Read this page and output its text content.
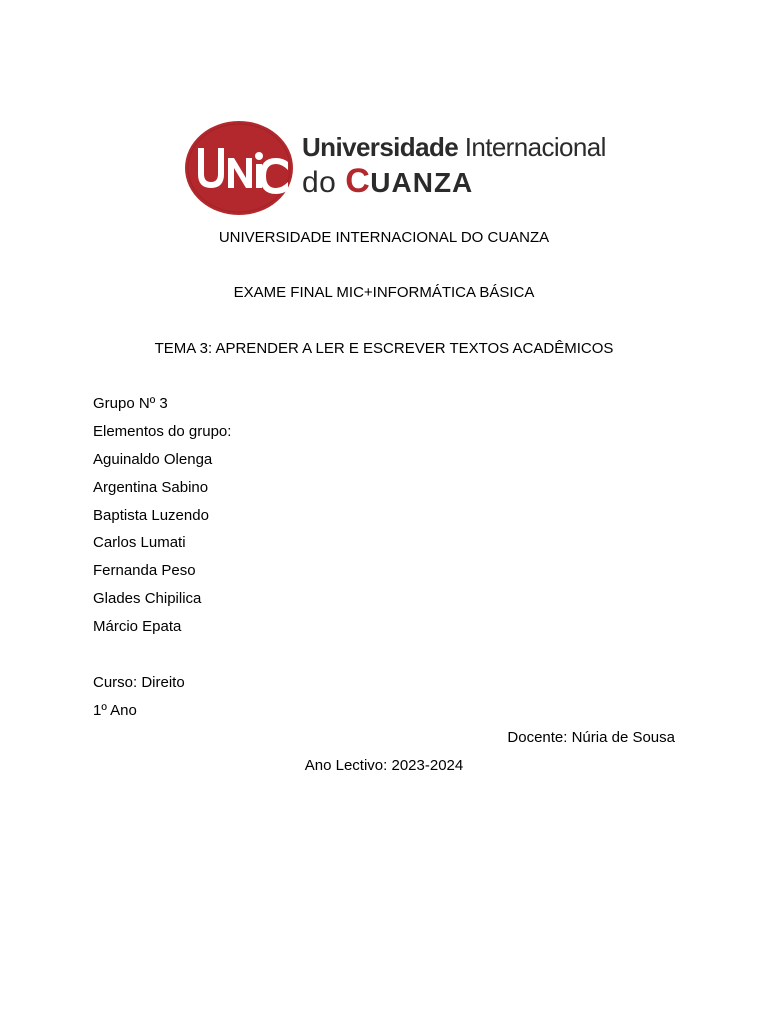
Universidade Internacional
do CUANZA
UNIVERSIDADE INTERNACIONAL DO CUANZA
EXAME FINAL MIC+INFORMÁTICA BÁSICA
TEMA 3: APRENDER A LER E ESCREVER TEXTOS ACADÊMICOS
Grupo Nº 3
Elementos do grupo:
Aguinaldo Olenga
Argentina Sabino
Baptista Luzendo
Carlos Lumati
Fernanda Peso
Glades Chipilica
Márcio Epata
Curso: Direito
1º Ano
Docente: Núria de Sousa
Ano Lectivo: 2023-2024
